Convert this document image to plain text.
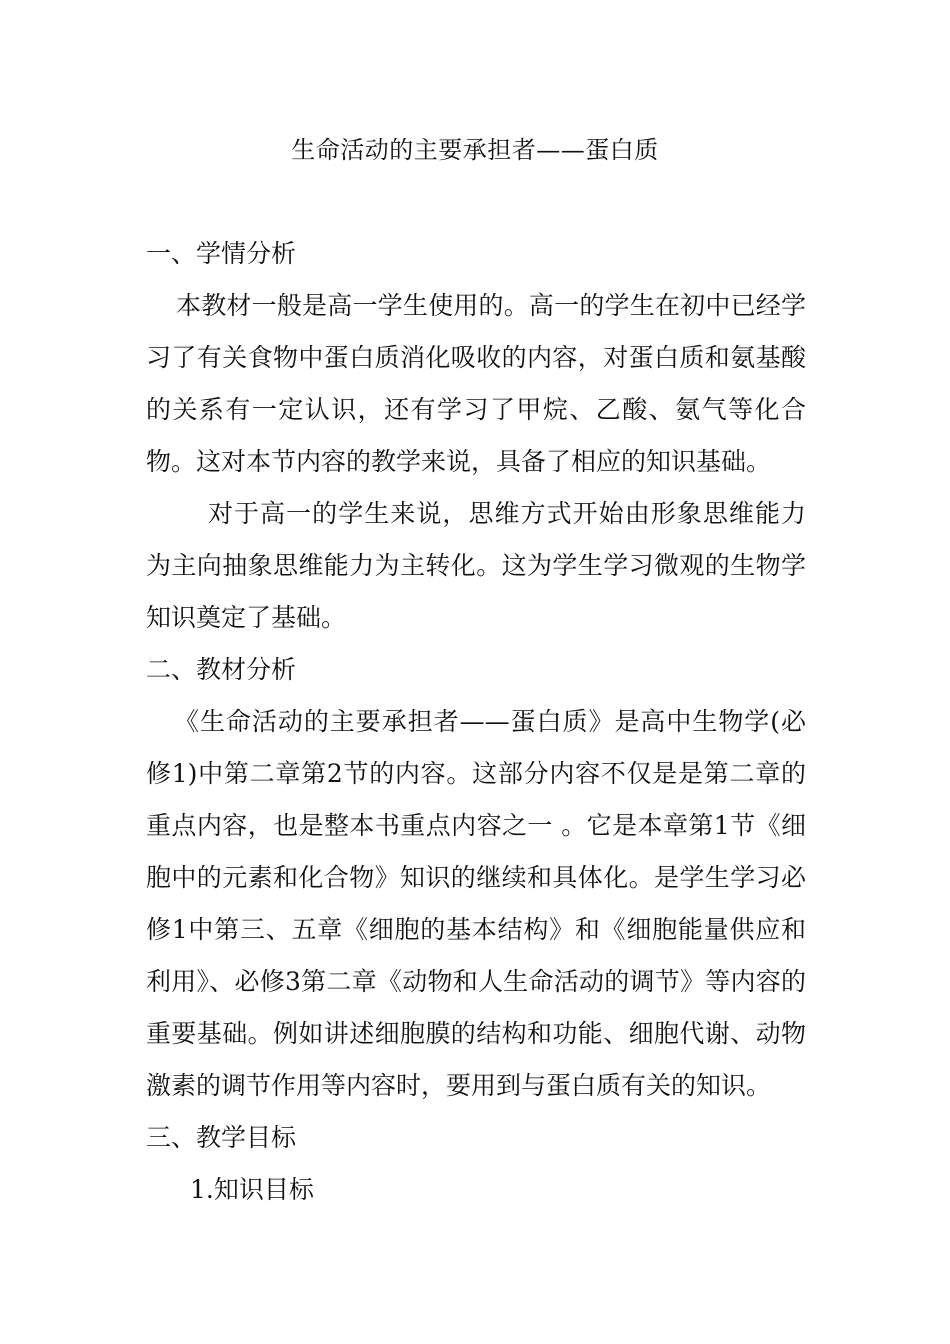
生命活动的主要承担者——蛋白质
一、学情分析

本教材一般是高一学生使用的。高一的学生在初中已经学习了有关食物中蛋白质消化吸收的内容，对蛋白质和氨基酸的关系有一定认识，还有学习了甲烷、乙酸、氨气等化合物。这对本节内容的教学来说，具备了相应的知识基础。

对于高一的学生来说，思维方式开始由形象思维能力为主向抽象思维能力为主转化。这为学生学习微观的生物学知识奠定了基础。

二、教材分析

《生命活动的主要承担者——蛋白质》是高中生物学(必修1)中第二章第2节的内容。这部分内容不仅是是第二章的重点内容，也是整本书重点内容之一 。它是本章第1节《细胞中的元素和化合物》知识的继续和具体化。是学生学习必修1中第三、五章《细胞的基本结构》和《细胞能量供应和利用》、必修3第二章《动物和人生命活动的调节》等内容的重要基础。例如讲述细胞膜的结构和功能、细胞代谢、动物激素的调节作用等内容时，要用到与蛋白质有关的知识。

三、教学目标
1.知识目标
